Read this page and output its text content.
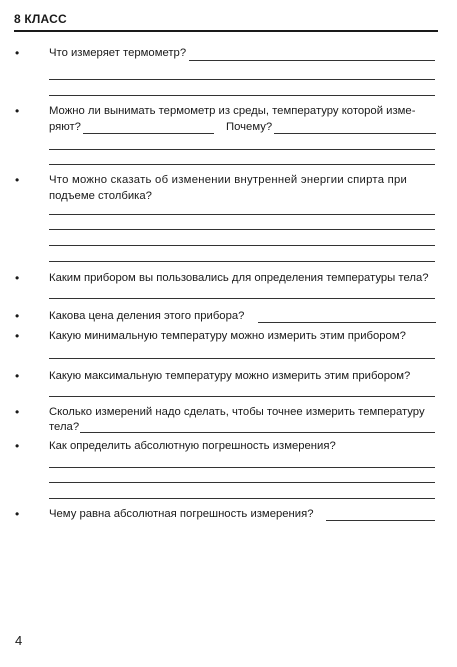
8 КЛАСС
•	Что измеряет термометр?
•	Можно ли вынимать термометр из среды, температуру которой изме-
ряют?	Почему?
•	Что можно сказать об изменении внутренней энергии спирта при
подъеме столбика?
•	Каким прибором вы пользовались для определения температуры тела?
•	Какова цена деления этого прибора?
•	Какую минимальную температуру можно измерить этим прибором?
•	Какую максимальную температуру можно измерить этим прибором?
•	Сколько измерений надо сделать, чтобы точнее измерить температуру
тела?
•	Как определить абсолютную погрешность измерения?
•	Чему равна абсолютная погрешность измерения?
4
